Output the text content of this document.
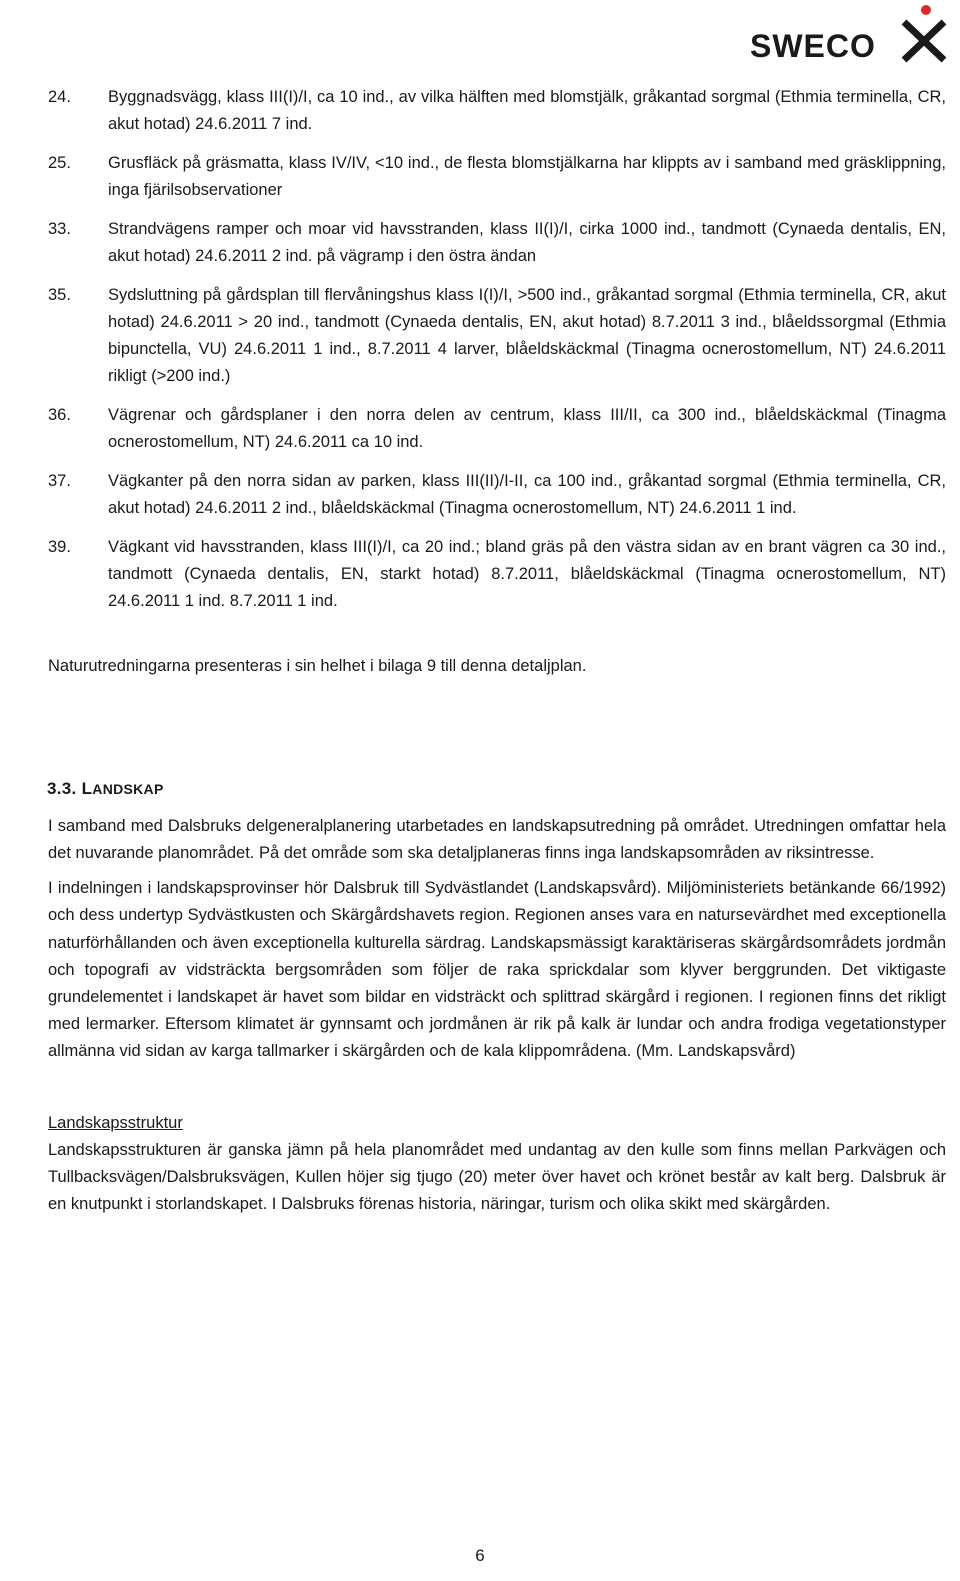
SWECO
24.	Byggnadsvägg, klass III(I)/I, ca 10 ind., av vilka hälften med blomstjälk, gråkantad sorgmal (Ethmia terminella, CR, akut hotad) 24.6.2011 7 ind.
25.	Grusfläck på gräsmatta, klass IV/IV, <10 ind., de flesta blomstjälkarna har klippts av i samband med gräsklippning, inga fjärilsobservationer
33.	Strandvägens ramper och moar vid havsstranden, klass II(I)/I, cirka 1000 ind., tandmott (Cynaeda dentalis, EN, akut hotad) 24.6.2011 2 ind. på vägramp i den östra ändan
35.	Sydsluttning på gårdsplan till flervåningshus klass I(I)/I, >500 ind., gråkantad sorgmal (Ethmia terminella, CR, akut hotad) 24.6.2011 > 20 ind., tandmott (Cynaeda dentalis, EN, akut hotad) 8.7.2011 3 ind., blåeldssorgmal (Ethmia bipunctella, VU) 24.6.2011 1 ind., 8.7.2011 4 larver, blåeldskäckmal (Tinagma ocnerostomellum, NT) 24.6.2011 rikligt (>200 ind.)
36.	Vägrenar och gårdsplaner i den norra delen av centrum, klass III/II, ca 300 ind., blåeldskäckmal (Tinagma ocnerostomellum, NT) 24.6.2011 ca 10 ind.
37.	Vägkanter på den norra sidan av parken, klass III(II)/I-II, ca 100 ind., gråkantad sorgmal (Ethmia terminella, CR, akut hotad) 24.6.2011 2 ind., blåeldskäckmal (Tinagma ocnerostomellum, NT) 24.6.2011 1 ind.
39.	Vägkant vid havsstranden, klass III(I)/I, ca 20 ind.; bland gräs på den västra sidan av en brant vägren ca 30 ind., tandmott (Cynaeda dentalis, EN, starkt hotad) 8.7.2011, blåeldskäckmal (Tinagma ocnerostomellum, NT) 24.6.2011 1 ind. 8.7.2011 1 ind.

Naturutredningarna presenteras i sin helhet i bilaga 9 till denna detaljplan.

3.3. LANDSKAP

I samband med Dalsbruks delgeneralplanering utarbetades en landskapsutredning på området. Utredningen omfattar hela det nuvarande planområdet. På det område som ska detaljplaneras finns inga landskapsområden av riksintresse.

I indelningen i landskapsprovinser hör Dalsbruk till Sydvästlandet (Landskapsvård). Miljöministeriets betänkande 66/1992) och dess undertyp Sydvästkusten och Skärgårdshavets region. Regionen anses vara en natursevärdhet med exceptionella naturförhållanden och även exceptionella kulturella särdrag. Landskapsmässigt karaktäriseras skärgårdsområdets jordmån och topografi av vidsträckta bergsområden som följer de raka sprickdalar som klyver berggrunden. Det viktigaste grundelementet i landskapet är havet som bildar en vidsträckt och splittrad skärgård i regionen. I regionen finns det rikligt med lermarker. Eftersom klimatet är gynnsamt och jordmånen är rik på kalk är lundar och andra frodiga vegetationstyper allmänna vid sidan av karga tallmarker i skärgården och de kala klippområdena. (Mm. Landskapsvård)

Landskapsstruktur

Landskapsstrukturen är ganska jämn på hela planområdet med undantag av den kulle som finns mellan Parkvägen och Tullbacksvägen/Dalsbruksvägen, Kullen höjer sig tjugo (20) meter över havet och krönet består av kalt berg. Dalsbruk är en knutpunkt i storlandskapet. I Dalsbruks förenas historia, näringar, turism och olika skikt med skärgården.

6
